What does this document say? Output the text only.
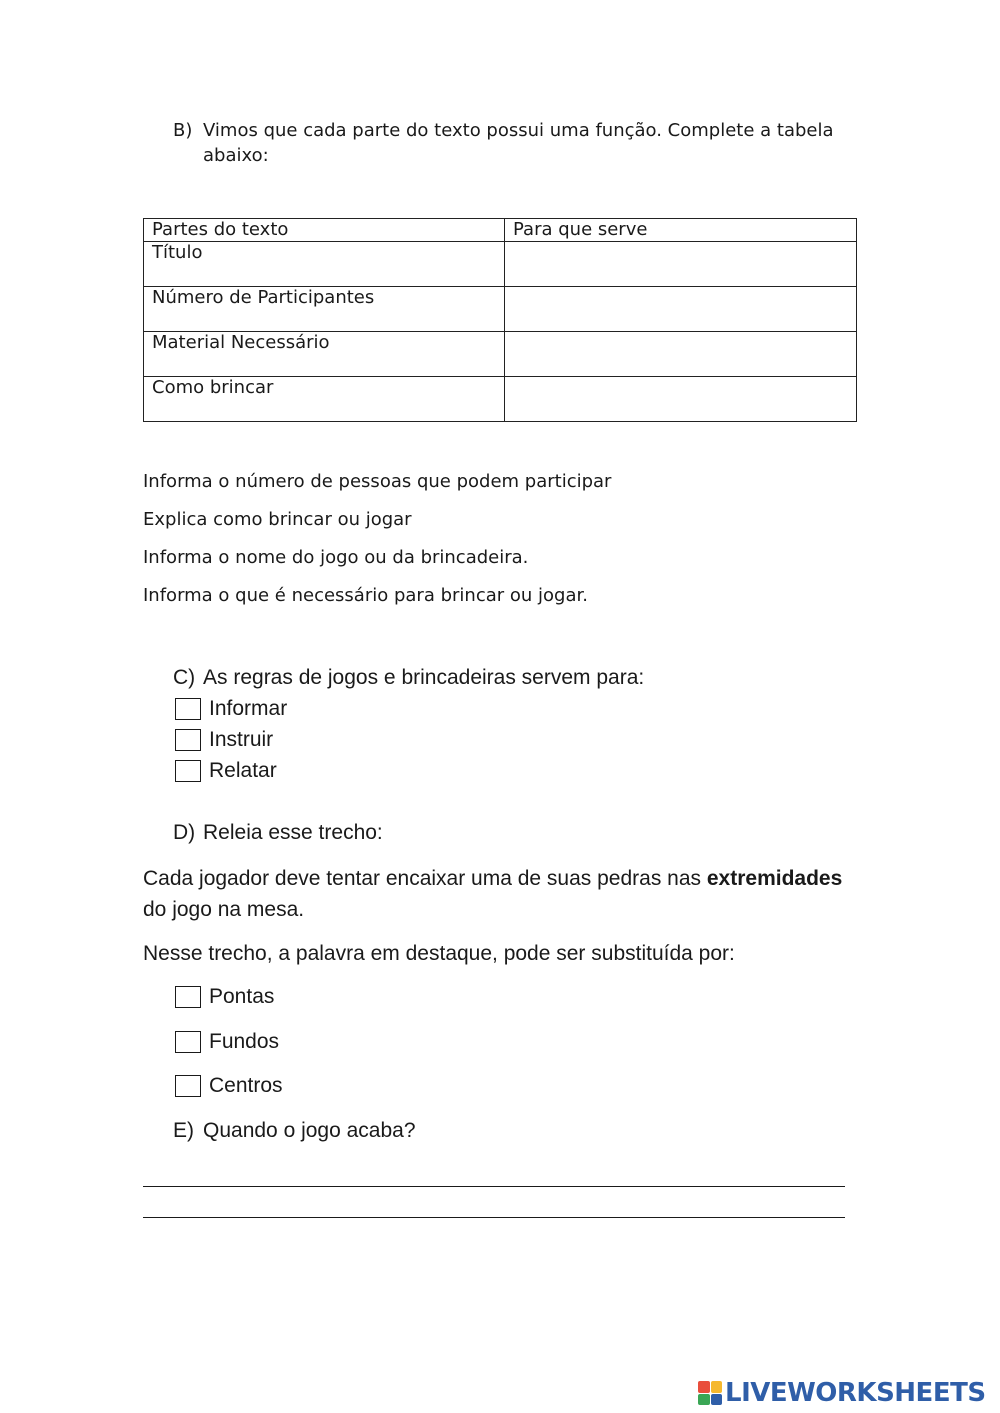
B) Vimos que cada parte do texto possui uma função. Complete a tabela abaixo:
Partes do texto	Para que serve
Título	
Número de Participantes	
Material Necessário	
Como brincar	
Informa o número de pessoas que podem participar
Explica como brincar ou jogar
Informa o nome do jogo ou da brincadeira.
Informa o que é necessário para brincar ou jogar.
C) As regras de jogos e brincadeiras servem para:
Informar
Instruir
Relatar
D) Releia esse trecho:
Cada jogador deve tentar encaixar uma de suas pedras nas extremidades do jogo na mesa.
Nesse trecho, a palavra em destaque, pode ser substituída por:
Pontas
Fundos
Centros
E) Quando o jogo acaba?
LIVEWORKSHEETS
